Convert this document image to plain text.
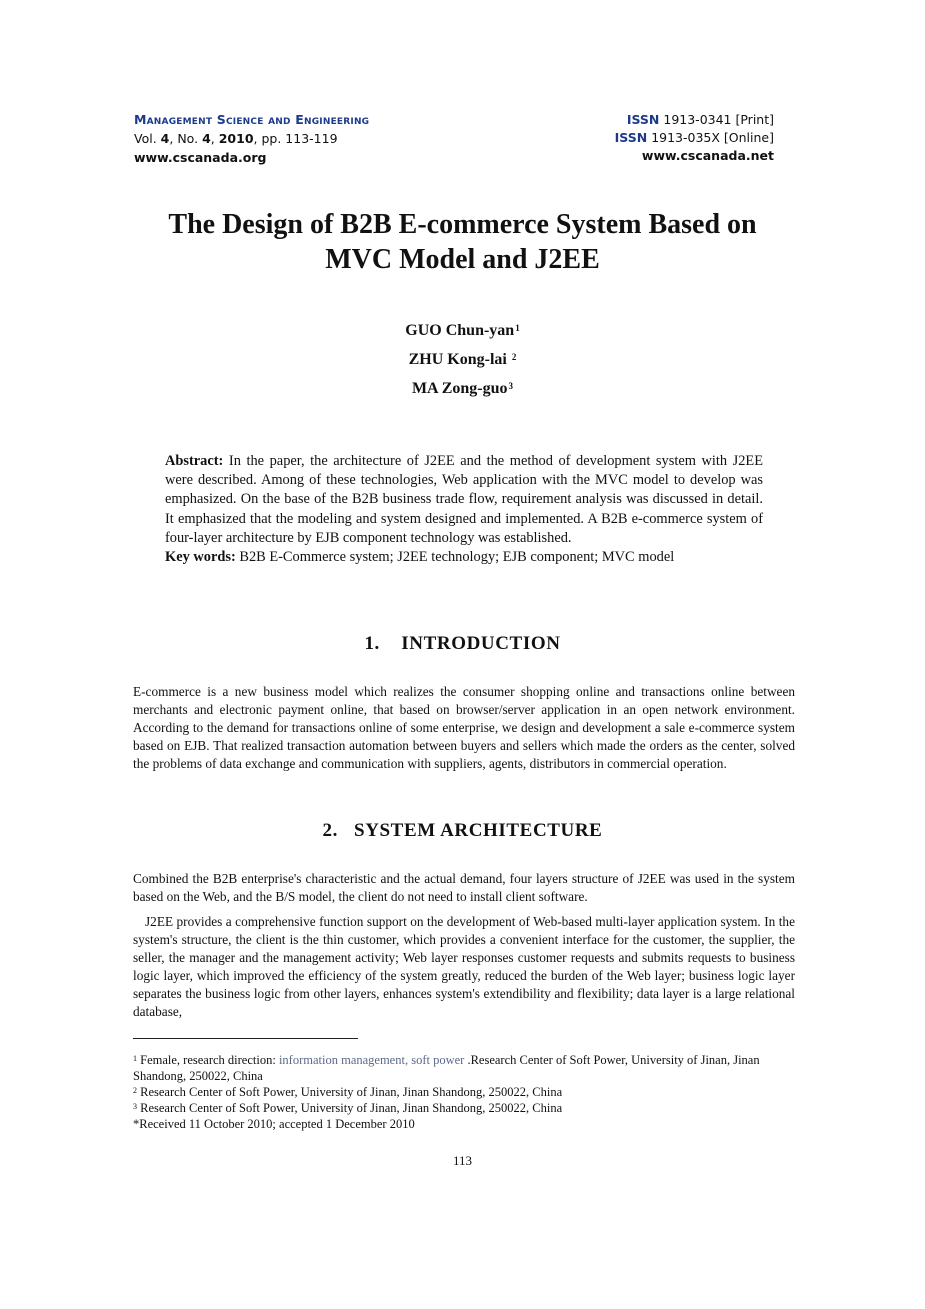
Management Science and Engineering
Vol. 4, No. 4, 2010, pp. 113-119
www.cscanada.org
ISSN 1913-0341 [Print]
ISSN 1913-035X [Online]
www.cscanada.net
The Design of B2B E-commerce System Based on
MVC Model and J2EE
GUO Chun-yan$^1$
ZHU Kong-lai $^2$
MA Zong-guo$^3$
Abstract: In the paper, the architecture of J2EE and the method of development system with J2EE were described. Among of these technologies, Web application with the MVC model to develop was emphasized. On the base of the B2B business trade flow, requirement analysis was discussed in detail. It emphasized that the modeling and system designed and implemented. A B2B e-commerce system of four-layer architecture by EJB component technology was established.
Key words: B2B E-Commerce system; J2EE technology; EJB component; MVC model
1.    INTRODUCTION
E-commerce is a new business model which realizes the consumer shopping online and transactions online between merchants and electronic payment online, that based on browser/server application in an open network environment. According to the demand for transactions online of some enterprise, we design and development a sale e-commerce system based on EJB. That realized transaction automation between buyers and sellers which made the orders as the center, solved the problems of data exchange and communication with suppliers, agents, distributors in commercial operation.
2.   SYSTEM ARCHITECTURE
Combined the B2B enterprise's characteristic and the actual demand, four layers structure of J2EE was used in the system based on the Web, and the B/S model, the client do not need to install client software.
J2EE provides a comprehensive function support on the development of Web-based multi-layer application system. In the system's structure, the client is the thin customer, which provides a convenient interface for the customer, the supplier, the seller, the manager and the management activity; Web layer responses customer requests and submits requests to business logic layer, which improved the efficiency of the system greatly, reduced the burden of the Web layer; business logic layer separates the business logic from other layers, enhances system's extendibility and flexibility; data layer is a large relational database,
$^1$ Female, research direction: information management, soft power .Research Center of Soft Power, University of Jinan, Jinan Shandong, 250022, China
$^2$ Research Center of Soft Power, University of Jinan, Jinan Shandong, 250022, China
$^3$ Research Center of Soft Power, University of Jinan, Jinan Shandong, 250022, China
*Received 11 October 2010; accepted 1 December 2010
113
